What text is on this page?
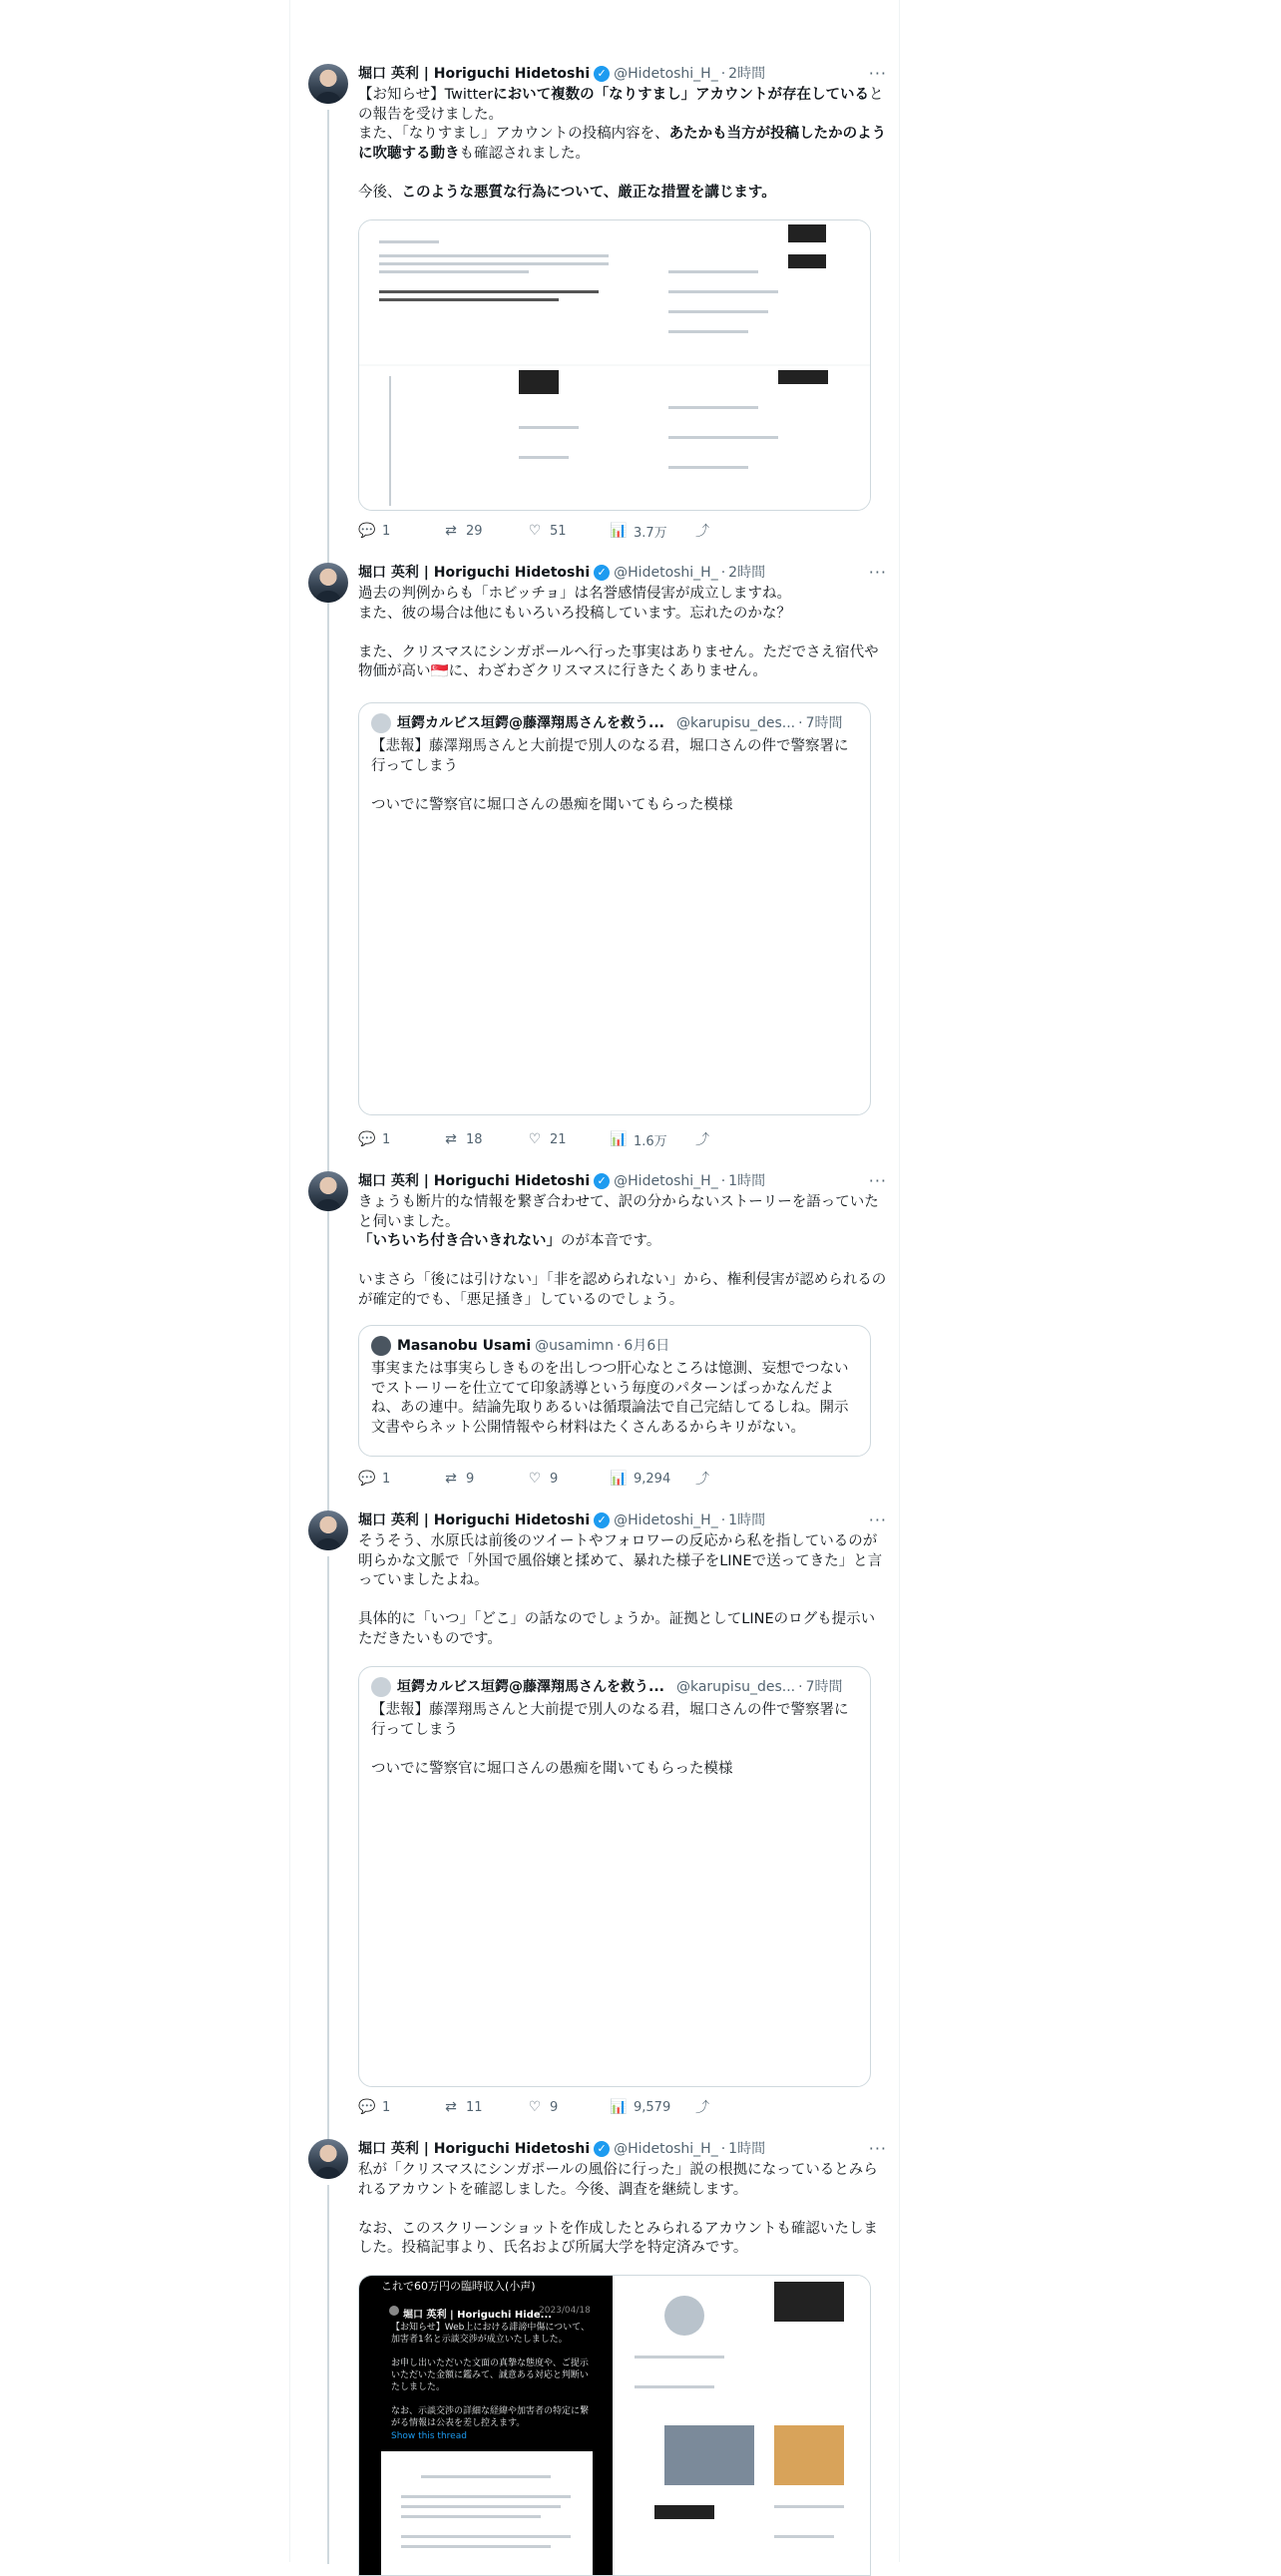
堀口 英利 | Horiguchi Hidetoshi ✓ @Hidetoshi_H_ · 2時間	···
【お知らせ】Twitterにおいて複数の「なりすまし」アカウントが存在しているとの報告を受けました。
また、「なりすまし」アカウントの投稿内容を、あたかも当方が投稿したかのように吹聴する動きも確認されました。

今後、このような悪質な行為について、厳正な措置を講じます。
💬 1	⇄ 29	♡ 51	📊 3.7万 ⤴
堀口 英利 | Horiguchi Hidetoshi ✓ @Hidetoshi_H_ · 2時間	···
過去の判例からも「ホビッチョ」は名誉感情侵害が成立しますね。
また、彼の場合は他にもいろいろ投稿しています。忘れたのかな？

また、クリスマスにシンガポールへ行った事実はありません。ただでさえ宿代や物価が高い🇸🇬に、わざわざクリスマスに行きたくありません。
垣鍔カルビス垣鍔@藤澤翔馬さんを救う... @karupisu_des... · 7時間
【悲報】藤澤翔馬さんと大前提で別人のなる君，堀口さんの件で警察署に行ってしまう

ついでに警察官に堀口さんの愚痴を聞いてもらった模様
💬 1	⇄ 18	♡ 21	📊 1.6万 ⤴
堀口 英利 | Horiguchi Hidetoshi ✓ @Hidetoshi_H_ · 1時間	···
きょうも断片的な情報を繋ぎ合わせて、訳の分からないストーリーを語っていたと伺いました。
「いちいち付き合いきれない」のが本音です。

いまさら「後には引けない」「非を認められない」から、権利侵害が認められるのが確定的でも、「悪足掻き」しているのでしょう。
Masanobu Usami @usamimn · 6月6日
事実または事実らしきものを出しつつ肝心なところは憶測、妄想でつないでストーリーを仕立てて印象誘導という毎度のパターンばっかなんだよね、あの連中。結論先取りあるいは循環論法で自己完結してるしね。開示文書やらネット公開情報やら材料はたくさんあるからキリがない。
💬 1	⇄ 9	♡ 9	📊 9,294 ⤴
堀口 英利 | Horiguchi Hidetoshi ✓ @Hidetoshi_H_ · 1時間	···
そうそう、水原氏は前後のツイートやフォロワーの反応から私を指しているのが明らかな文脈で「外国で風俗嬢と揉めて、暴れた様子をLINEで送ってきた」と言っていましたよね。

具体的に「いつ」「どこ」の話なのでしょうか。証拠としてLINEのログも提示いただきたいものです。
垣鍔カルビス垣鍔@藤澤翔馬さんを救う... @karupisu_des... · 7時間
【悲報】藤澤翔馬さんと大前提で別人のなる君，堀口さんの件で警察署に行ってしまう

ついでに警察官に堀口さんの愚痴を聞いてもらった模様
💬 1	⇄ 11	♡ 9	📊 9,579 ⤴
堀口 英利 | Horiguchi Hidetoshi ✓ @Hidetoshi_H_ · 1時間	···
私が「クリスマスにシンガポールの風俗に行った」説の根拠になっているとみられるアカウントを確認しました。今後、調査を継続します。

なお、このスクリーンショットを作成したとみられるアカウントも確認いたしました。投稿記事より、氏名および所属大学を特定済みです。
これで60万円の臨時収入(小声)
堀口 英利 | Horiguchi Hide...
2023/04/18
【お知らせ】Web上における誹謗中傷について、加害者1名と示談交渉が成立いたしました。

お申し出いただいた文面の真摯な態度や、ご提示いただいた金額に鑑みて、誠意ある対応と判断いたしました。

なお、示談交渉の詳細な経緯や加害者の特定に繋がる情報は公表を差し控えます。
Show this thread
